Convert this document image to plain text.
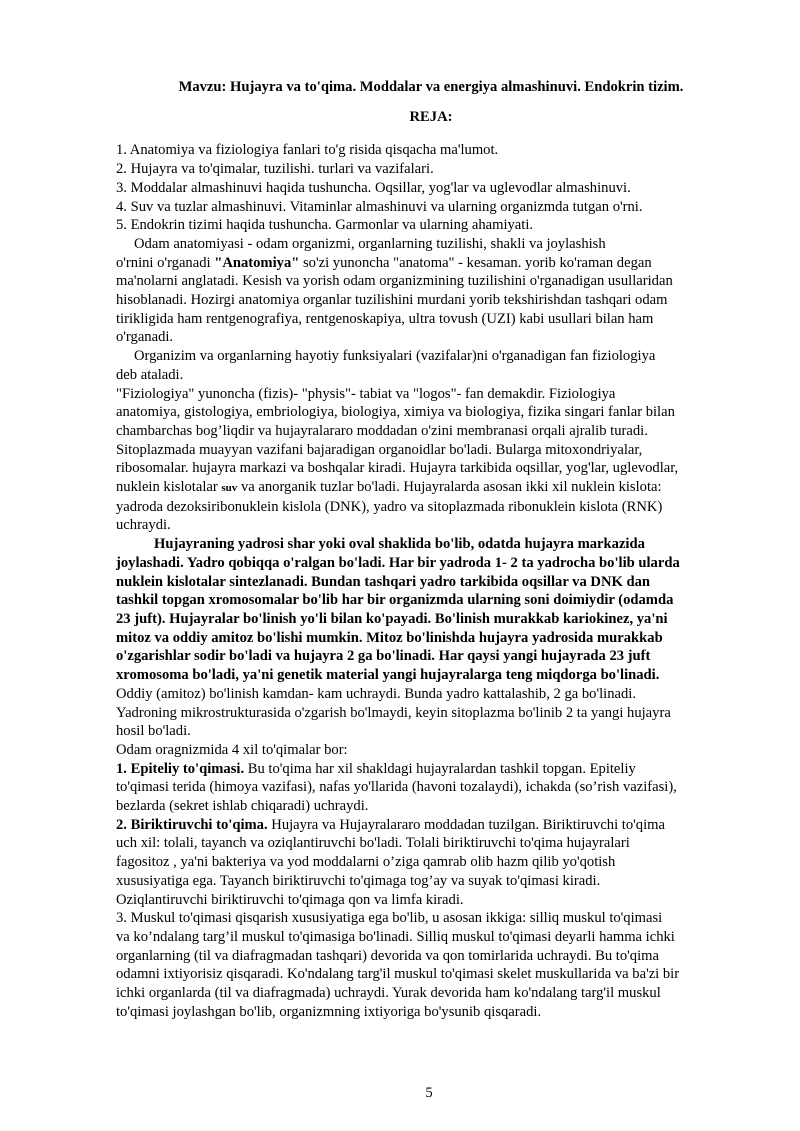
Mavzu: Hujayra va to'qima. Moddalar va energiya almashinuvi. Endokrin tizim.
REJA:
1. Anatomiya va fiziologiya fanlari to'g risida qisqacha ma'lumot.
2. Hujayra va to'qimalar, tuzilishi. turlari va vazifalari.
3. Moddalar almashinuvi haqida tushuncha. Oqsillar, yog'lar va uglevodlar almashinuvi.
4. Suv va tuzlar almashinuvi. Vitaminlar almashinuvi va ularning organizmda tutgan o'rni.
5. Endokrin tizimi haqida tushuncha. Garmonlar va ularning ahamiyati.
Odam anatomiyasi - odam organizmi, organlarning tuzilishi, shakli va joylashish
o'rnini o'rganadi "Anatomiya" so'zi yunoncha "anatoma" - kesaman. yorib ko'raman degan
ma'nolarni anglatadi. Kesish va yorish odam organizmining tuzilishini o'rganadigan usullaridan
hisoblanadi. Hozirgi anatomiya organlar tuzilishini murdani yorib tekshirishdan tashqari odam
tirikligida ham rentgenografiya, rentgenoskapiya, ultra tovush (UZI) kabi usullari bilan ham
o'rganadi.
Organizim va organlarning hayotiy funksiyalari (vazifalar)ni o'rganadigan fan fiziologiya
deb ataladi.
"Fiziologiya" yunoncha (fizis)- "physis"- tabiat va "logos"- fan demakdir. Fiziologiya
anatomiya, gistologiya, embriologiya, biologiya, ximiya va biologiya, fizika singari fanlar bilan
chambarchas bog’liqdir va hujayralararo moddadan o'zini membranasi orqali ajralib turadi.
Sitoplazmada muayyan vazifani bajaradigan organoidlar bo'ladi. Bularga mitoxondriyalar,
ribosomalar. hujayra markazi va boshqalar kiradi. Hujayra tarkibida oqsillar, yog'lar, uglevodlar,
nuklein kislotalar suv va anorganik tuzlar bo'ladi. Hujayralarda asosan ikki xil nuklein kislota:
yadroda dezoksiribonuklein kislola (DNK), yadro va sitoplazmada ribonuklein kislota (RNK)
uchraydi.
Hujayraning yadrosi shar yoki oval shaklida bo'lib, odatda hujayra markazida
joylashadi. Yadro qobiqqa o'ralgan bo'ladi. Har bir yadroda 1- 2 ta yadrocha bo'lib ularda
nuklein kislotalar sintezlanadi. Bundan tashqari yadro tarkibida oqsillar va DNK dan
tashkil topgan xromosomalar bo'lib har bir organizmda ularning soni doimiydir (odamda
23 juft). Hujayralar bo'linish yo'li bilan ko'payadi. Bo'linish murakkab kariokinez, ya'ni
mitoz va oddiy amitoz bo'lishi mumkin. Mitoz bo'linishda hujayra yadrosida murakkab
o'zgarishlar sodir bo'ladi va hujayra 2 ga bo'linadi. Har qaysi yangi hujayrada 23 juft
xromosoma bo'ladi, ya'ni genetik material yangi hujayralarga teng miqdorga bo'linadi.
Oddiy (amitoz) bo'linish kamdan- kam uchraydi. Bunda yadro kattalashib, 2 ga bo'linadi.
Yadroning mikrostrukturasida o'zgarish bo'lmaydi, keyin sitoplazma bo'linib 2 ta yangi hujayra
hosil bo'ladi.
Odam oragnizmida 4 xil to'qimalar bor:
1. Epiteliy to'qimasi. Bu to'qima har xil shakldagi hujayralardan tashkil topgan. Epiteliy
to'qimasi terida (himoya vazifasi), nafas yo'llarida (havoni tozalaydi), ichakda (so’rish vazifasi),
bezlarda (sekret ishlab chiqaradi) uchraydi.
2. Biriktiruvchi to'qima. Hujayra va Hujayralararo moddadan tuzilgan. Biriktiruvchi to'qima
uch xil: tolali, tayanch va oziqlantiruvchi bo'ladi. Tolali biriktiruvchi to'qima hujayralari
fagositoz , ya'ni bakteriya va yod moddalarni o’ziga qamrab olib hazm qilib yo'qotish
xususiyatiga ega. Tayanch biriktiruvchi to'qimaga tog’ay va suyak to'qimasi kiradi.
Oziqlantiruvchi biriktiruvchi to'qimaga qon va limfa kiradi.
3. Muskul to'qimasi qisqarish xususiyatiga ega bo'lib, u asosan ikkiga: silliq muskul to'qimasi
va ko’ndalang targ’il muskul to'qimasiga bo'linadi. Silliq muskul to'qimasi deyarli hamma ichki
organlarning (til va diafragmadan tashqari) devorida va qon tomirlarida uchraydi. Bu to'qima
odamni ixtiyorisiz qisqaradi. Ko'ndalang targ'il muskul to'qimasi skelet muskullarida va ba'zi bir
ichki organlarda (til va diafragmada) uchraydi. Yurak devorida ham ko'ndalang targ'il muskul
to'qimasi joylashgan bo'lib, organizmning ixtiyoriga bo'ysunib qisqaradi.
5
